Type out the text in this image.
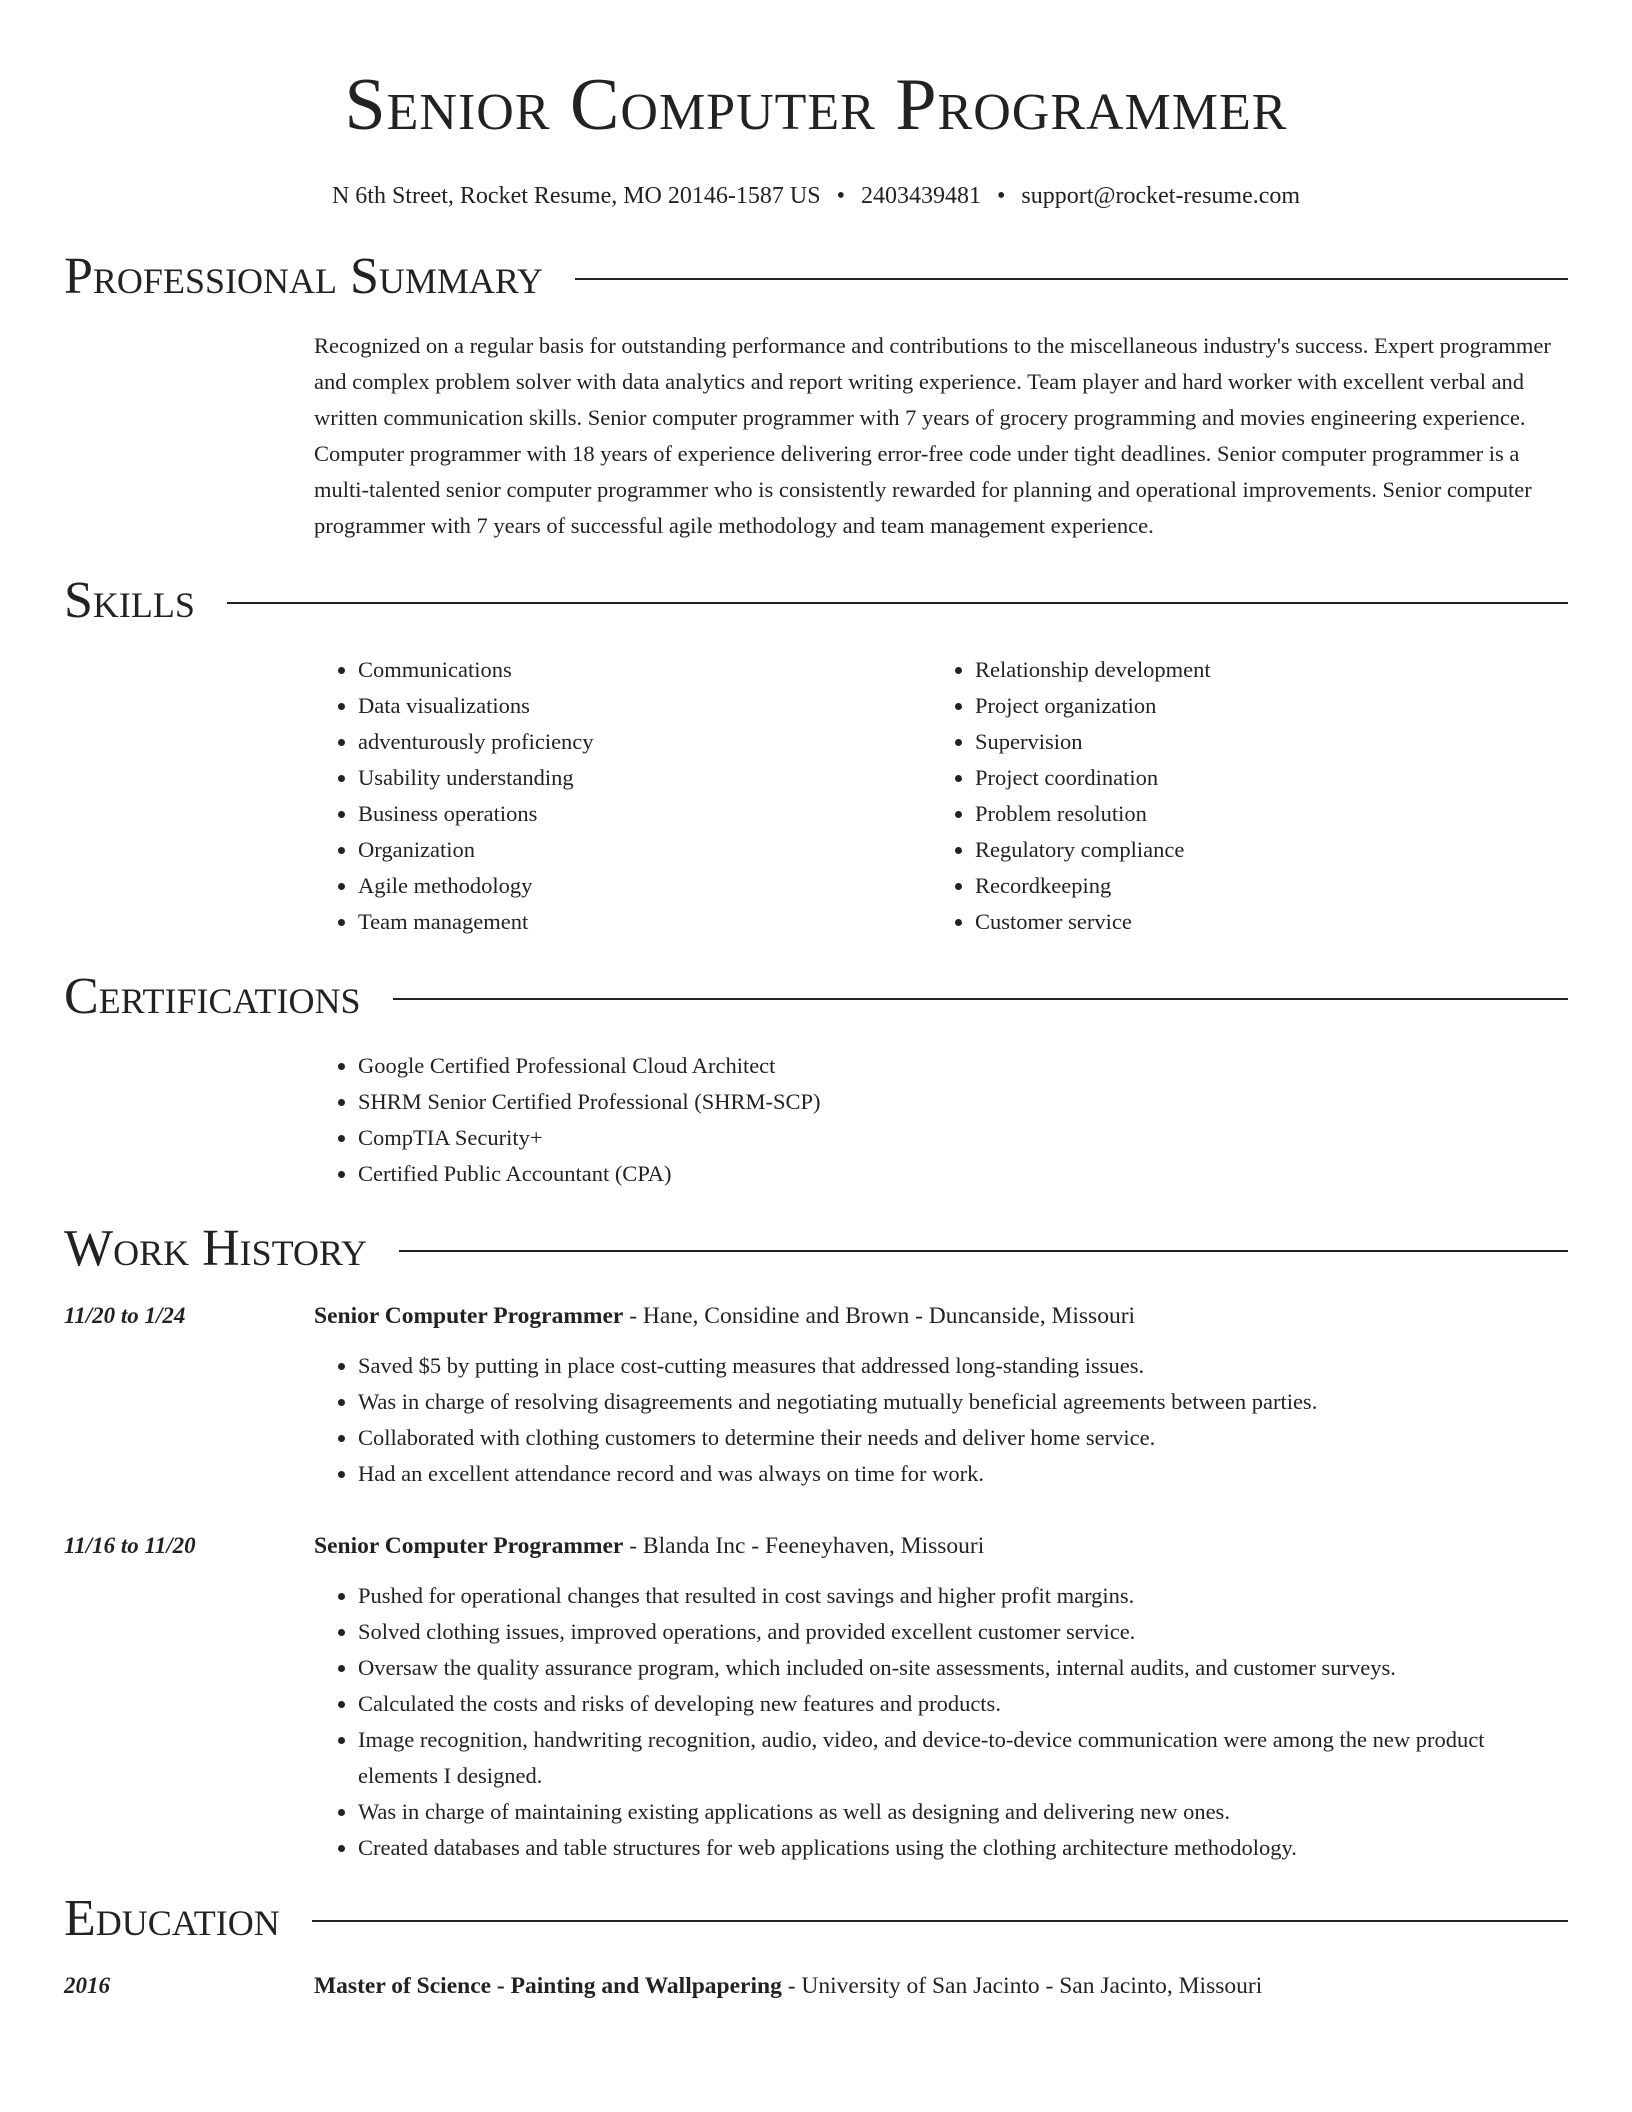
Senior Computer Programmer
N 6th Street, Rocket Resume, MO 20146-1587 US • 2403439481 • support@rocket-resume.com
Professional Summary

Recognized on a regular basis for outstanding performance and contributions to the miscellaneous industry's success. Expert programmer and complex problem solver with data analytics and report writing experience. Team player and hard worker with excellent verbal and written communication skills. Senior computer programmer with 7 years of grocery programming and movies engineering experience. Computer programmer with 18 years of experience delivering error-free code under tight deadlines. Senior computer programmer is a multi-talented senior computer programmer who is consistently rewarded for planning and operational improvements. Senior computer programmer with 7 years of successful agile methodology and team management experience.

Skills
• Communications
• Data visualizations
• adventurously proficiency
• Usability understanding
• Business operations
• Organization
• Agile methodology
• Team management
• Relationship development
• Project organization
• Supervision
• Project coordination
• Problem resolution
• Regulatory compliance
• Recordkeeping
• Customer service
Certifications
• Google Certified Professional Cloud Architect
• SHRM Senior Certified Professional (SHRM-SCP)
• CompTIA Security+
• Certified Public Accountant (CPA)
Work History
11/20 to 1/24	Senior Computer Programmer - Hane, Considine and Brown - Duncanside, Missouri
• Saved $5 by putting in place cost-cutting measures that addressed long-standing issues.
• Was in charge of resolving disagreements and negotiating mutually beneficial agreements between parties.
• Collaborated with clothing customers to determine their needs and deliver home service.
• Had an excellent attendance record and was always on time for work.
11/16 to 11/20	Senior Computer Programmer - Blanda Inc - Feeneyhaven, Missouri
• Pushed for operational changes that resulted in cost savings and higher profit margins.
• Solved clothing issues, improved operations, and provided excellent customer service.
• Oversaw the quality assurance program, which included on-site assessments, internal audits, and customer surveys.
• Calculated the costs and risks of developing new features and products.
• Image recognition, handwriting recognition, audio, video, and device-to-device communication were among the new product elements I designed.
• Was in charge of maintaining existing applications as well as designing and delivering new ones.
• Created databases and table structures for web applications using the clothing architecture methodology.
Education
2016	Master of Science - Painting and Wallpapering - University of San Jacinto - San Jacinto, Missouri
